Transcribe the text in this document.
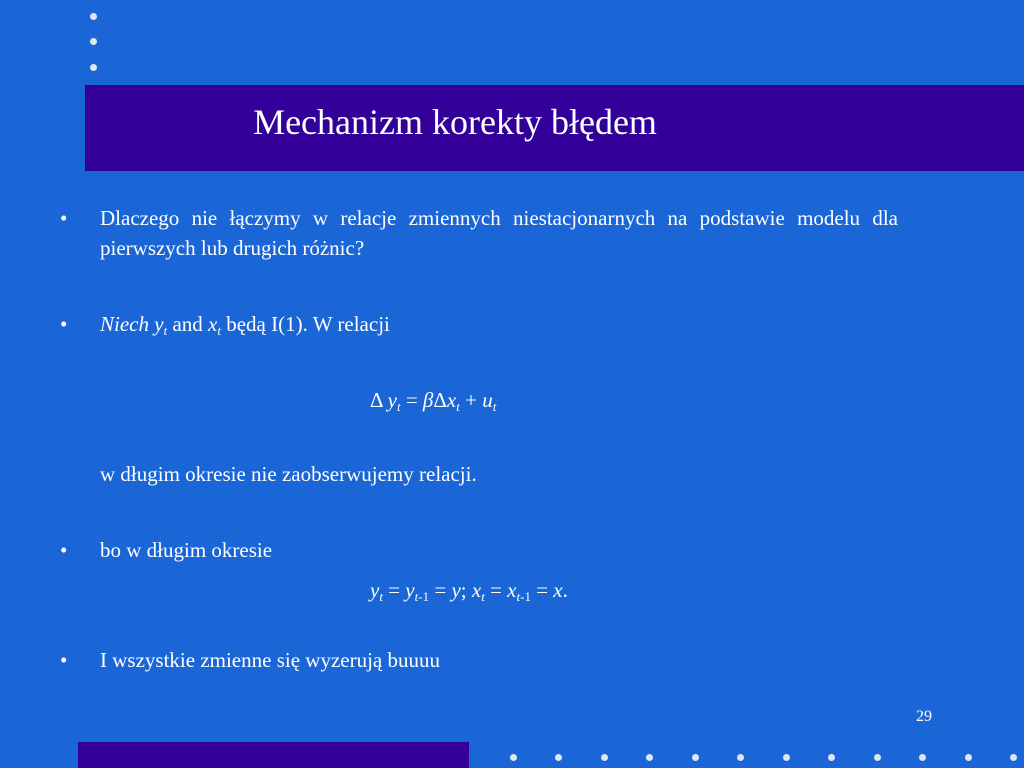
Mechanizm korekty błędem
• Dlaczego nie łączymy w relacje zmiennych niestacjonarnych na podstawie modelu dla pierwszych lub drugich różnic?
• Niech $y_t$ and $x_t$ będą I(1). W relacji
Δ $y_t = \beta\Delta x_t + u_t$
w długim okresie nie zaobserwujemy relacji.
• bo w długim okresie
$y_t = y_{t-1} = y$; $x_t = x_{t-1} = x$.
• I wszystkie zmienne się wyzerują buuuu
29
